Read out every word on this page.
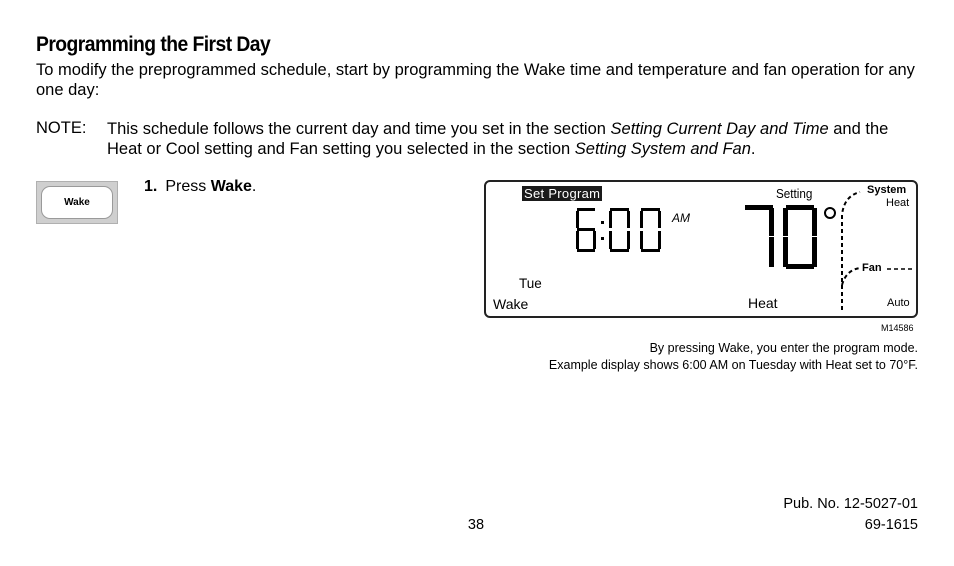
Programming the First Day
To modify the preprogrammed schedule, start by programming the Wake time and temperature and fan operation for any one day:
NOTE: This schedule follows the current day and time you set in the section Setting Current Day and Time and the Heat or Cool setting and Fan setting you selected in the section Setting System and Fan.
Wake
1. Press Wake.	Set Program	Setting
AM
Tue
Wake	Heat
System
Heat
Fan
Auto
M14586
By pressing Wake, you enter the program mode.
Example display shows 6:00 AM on Tuesday with Heat set to 70°F.
Pub. No. 12-5027-01
38	69-1615
